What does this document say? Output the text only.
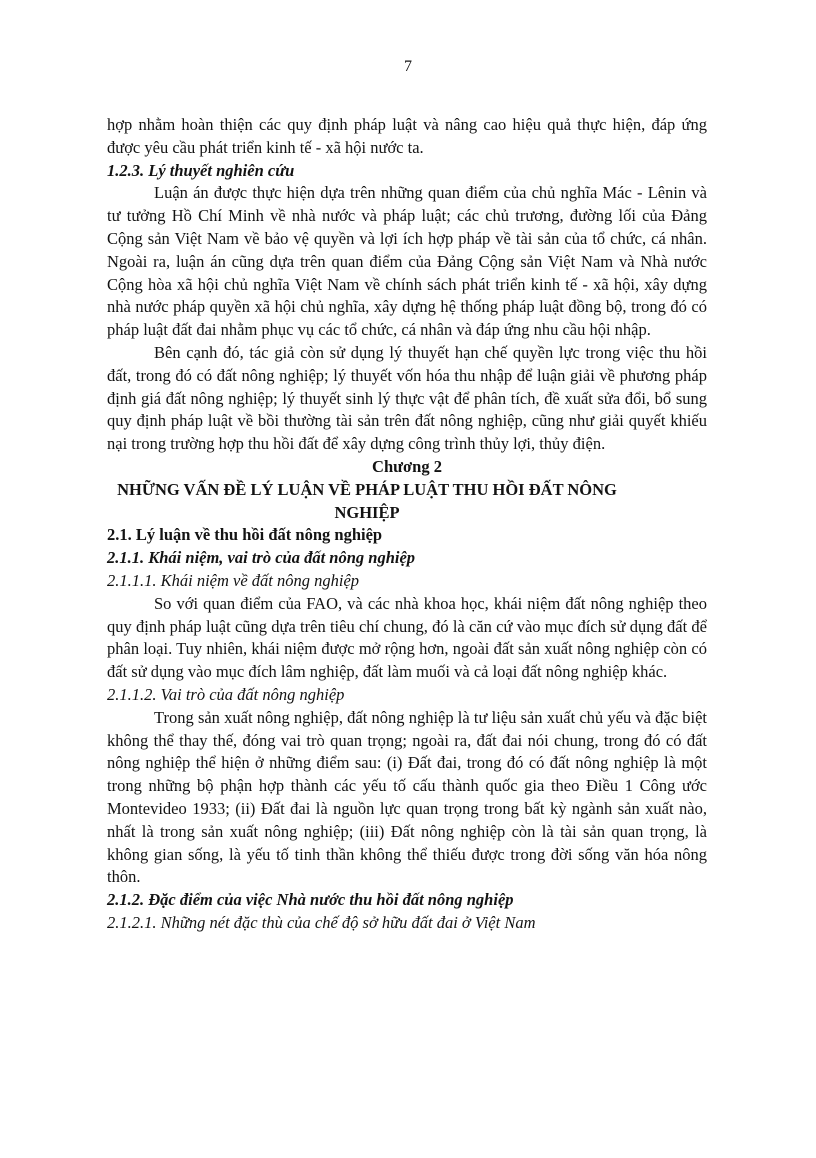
7

hợp nhằm hoàn thiện các quy định pháp luật và nâng cao hiệu quả thực hiện, đáp ứng được yêu cầu phát triển kinh tế - xã hội nước ta.

1.2.3. Lý thuyết nghiên cứu

Luận án được thực hiện dựa trên những quan điểm của chủ nghĩa Mác - Lênin và tư tưởng Hồ Chí Minh về nhà nước và pháp luật; các chủ trương, đường lối của Đảng Cộng sản Việt Nam về bảo vệ quyền và lợi ích hợp pháp về tài sản của tổ chức, cá nhân. Ngoài ra, luận án cũng dựa trên quan điểm của Đảng Cộng sản Việt Nam và Nhà nước Cộng hòa xã hội chủ nghĩa Việt Nam về chính sách phát triển kinh tế - xã hội, xây dựng nhà nước pháp quyền xã hội chủ nghĩa, xây dựng hệ thống pháp luật đồng bộ, trong đó có pháp luật đất đai nhằm phục vụ các tổ chức, cá nhân và đáp ứng nhu cầu hội nhập.

Bên cạnh đó, tác giả còn sử dụng lý thuyết hạn chế quyền lực trong việc thu hồi đất, trong đó có đất nông nghiệp; lý thuyết vốn hóa thu nhập để luận giải về phương pháp định giá đất nông nghiệp; lý thuyết sinh lý thực vật để phân tích, đề xuất sửa đổi, bổ sung quy định pháp luật về bồi thường tài sản trên đất nông nghiệp, cũng như giải quyết khiếu nại trong trường hợp thu hồi đất để xây dựng công trình thủy lợi, thủy điện.

Chương 2
NHỮNG VẤN ĐỀ LÝ LUẬN VỀ PHÁP LUẬT THU HỒI ĐẤT NÔNG NGHIỆP
2.1. Lý luận về thu hồi đất nông nghiệp
2.1.1. Khái niệm, vai trò của đất nông nghiệp
2.1.1.1. Khái niệm về đất nông nghiệp

So với quan điểm của FAO, và các nhà khoa học, khái niệm đất nông nghiệp theo quy định pháp luật cũng dựa trên tiêu chí chung, đó là căn cứ vào mục đích sử dụng đất để phân loại. Tuy nhiên, khái niệm được mở rộng hơn, ngoài đất sản xuất nông nghiệp còn có đất sử dụng vào mục đích lâm nghiệp, đất làm muối và cả loại đất nông nghiệp khác.

2.1.1.2. Vai trò của đất nông nghiệp

Trong sản xuất nông nghiệp, đất nông nghiệp là tư liệu sản xuất chủ yếu và đặc biệt không thể thay thế, đóng vai trò quan trọng; ngoài ra, đất đai nói chung, trong đó có đất nông nghiệp thể hiện ở những điểm sau: (i) Đất đai, trong đó có đất nông nghiệp là một trong những bộ phận hợp thành các yếu tố cấu thành quốc gia theo Điều 1 Công ước Montevideo 1933; (ii) Đất đai là nguồn lực quan trọng trong bất kỳ ngành sản xuất nào, nhất là trong sản xuất nông nghiệp; (iii) Đất nông nghiệp còn là tài sản quan trọng, là không gian sống, là yếu tố tinh thần không thể thiếu được trong đời sống văn hóa nông thôn.

2.1.2. Đặc điểm của việc Nhà nước thu hồi đất nông nghiệp
2.1.2.1. Những nét đặc thù của chế độ sở hữu đất đai ở Việt Nam
